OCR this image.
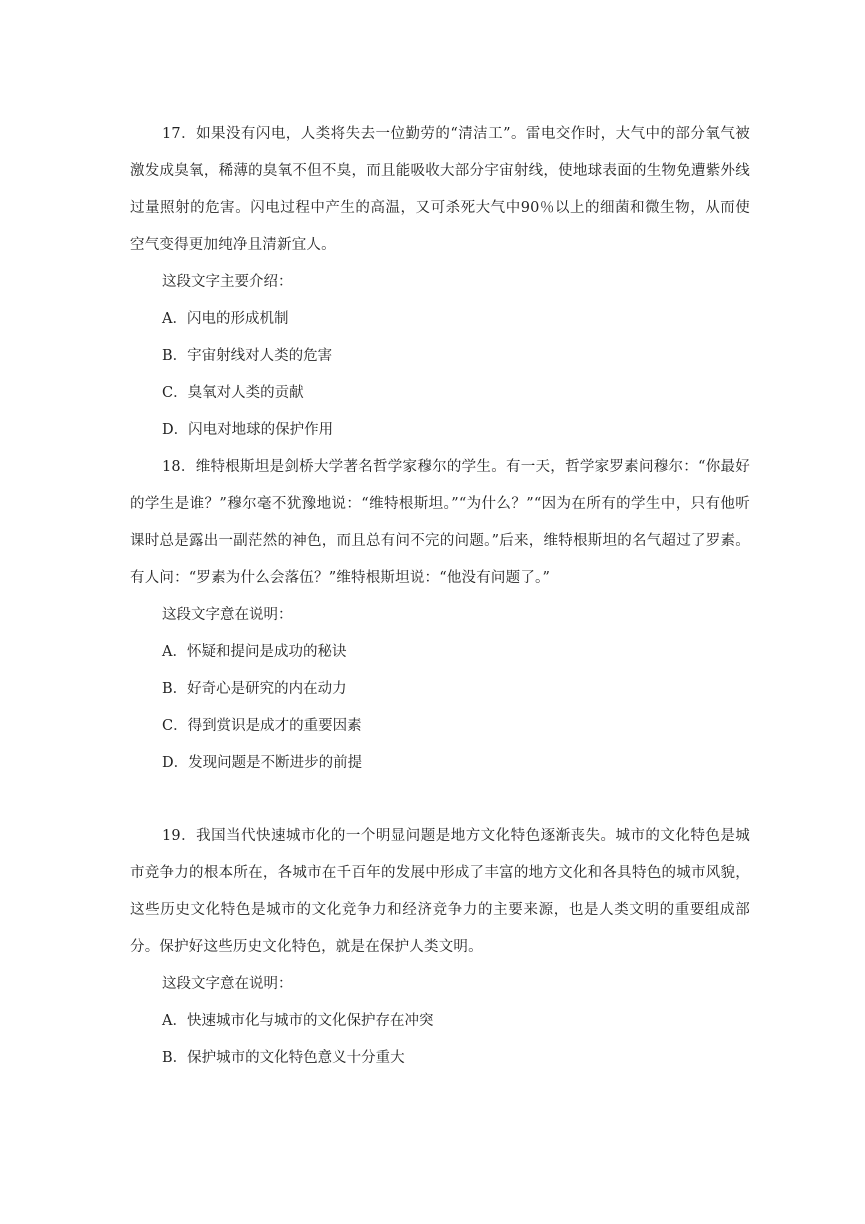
17．如果没有闪电，人类将失去一位勤劳的“清洁工”。雷电交作时，大气中的部分氧气被激发成臭氧，稀薄的臭氧不但不臭，而且能吸收大部分宇宙射线，使地球表面的生物免遭紫外线过量照射的危害。闪电过程中产生的高温，又可杀死大气中90％以上的细菌和微生物，从而使空气变得更加纯净且清新宜人。

这段文字主要介绍：

A．闪电的形成机制

B．宇宙射线对人类的危害

C．臭氧对人类的贡献

D．闪电对地球的保护作用

18．维特根斯坦是剑桥大学著名哲学家穆尔的学生。有一天，哲学家罗素问穆尔：“你最好的学生是谁？”穆尔毫不犹豫地说：“维特根斯坦。”“为什么？”“因为在所有的学生中，只有他听课时总是露出一副茫然的神色，而且总有问不完的问题。”后来，维特根斯坦的名气超过了罗素。有人问：“罗素为什么会落伍？”维特根斯坦说：“他没有问题了。”

这段文字意在说明：

A．怀疑和提问是成功的秘诀

B．好奇心是研究的内在动力

C．得到赏识是成才的重要因素

D．发现问题是不断进步的前提

19．我国当代快速城市化的一个明显问题是地方文化特色逐渐丧失。城市的文化特色是城市竞争力的根本所在，各城市在千百年的发展中形成了丰富的地方文化和各具特色的城市风貌，这些历史文化特色是城市的文化竞争力和经济竞争力的主要来源，也是人类文明的重要组成部分。保护好这些历史文化特色，就是在保护人类文明。

这段文字意在说明：

A．快速城市化与城市的文化保护存在冲突

B．保护城市的文化特色意义十分重大
